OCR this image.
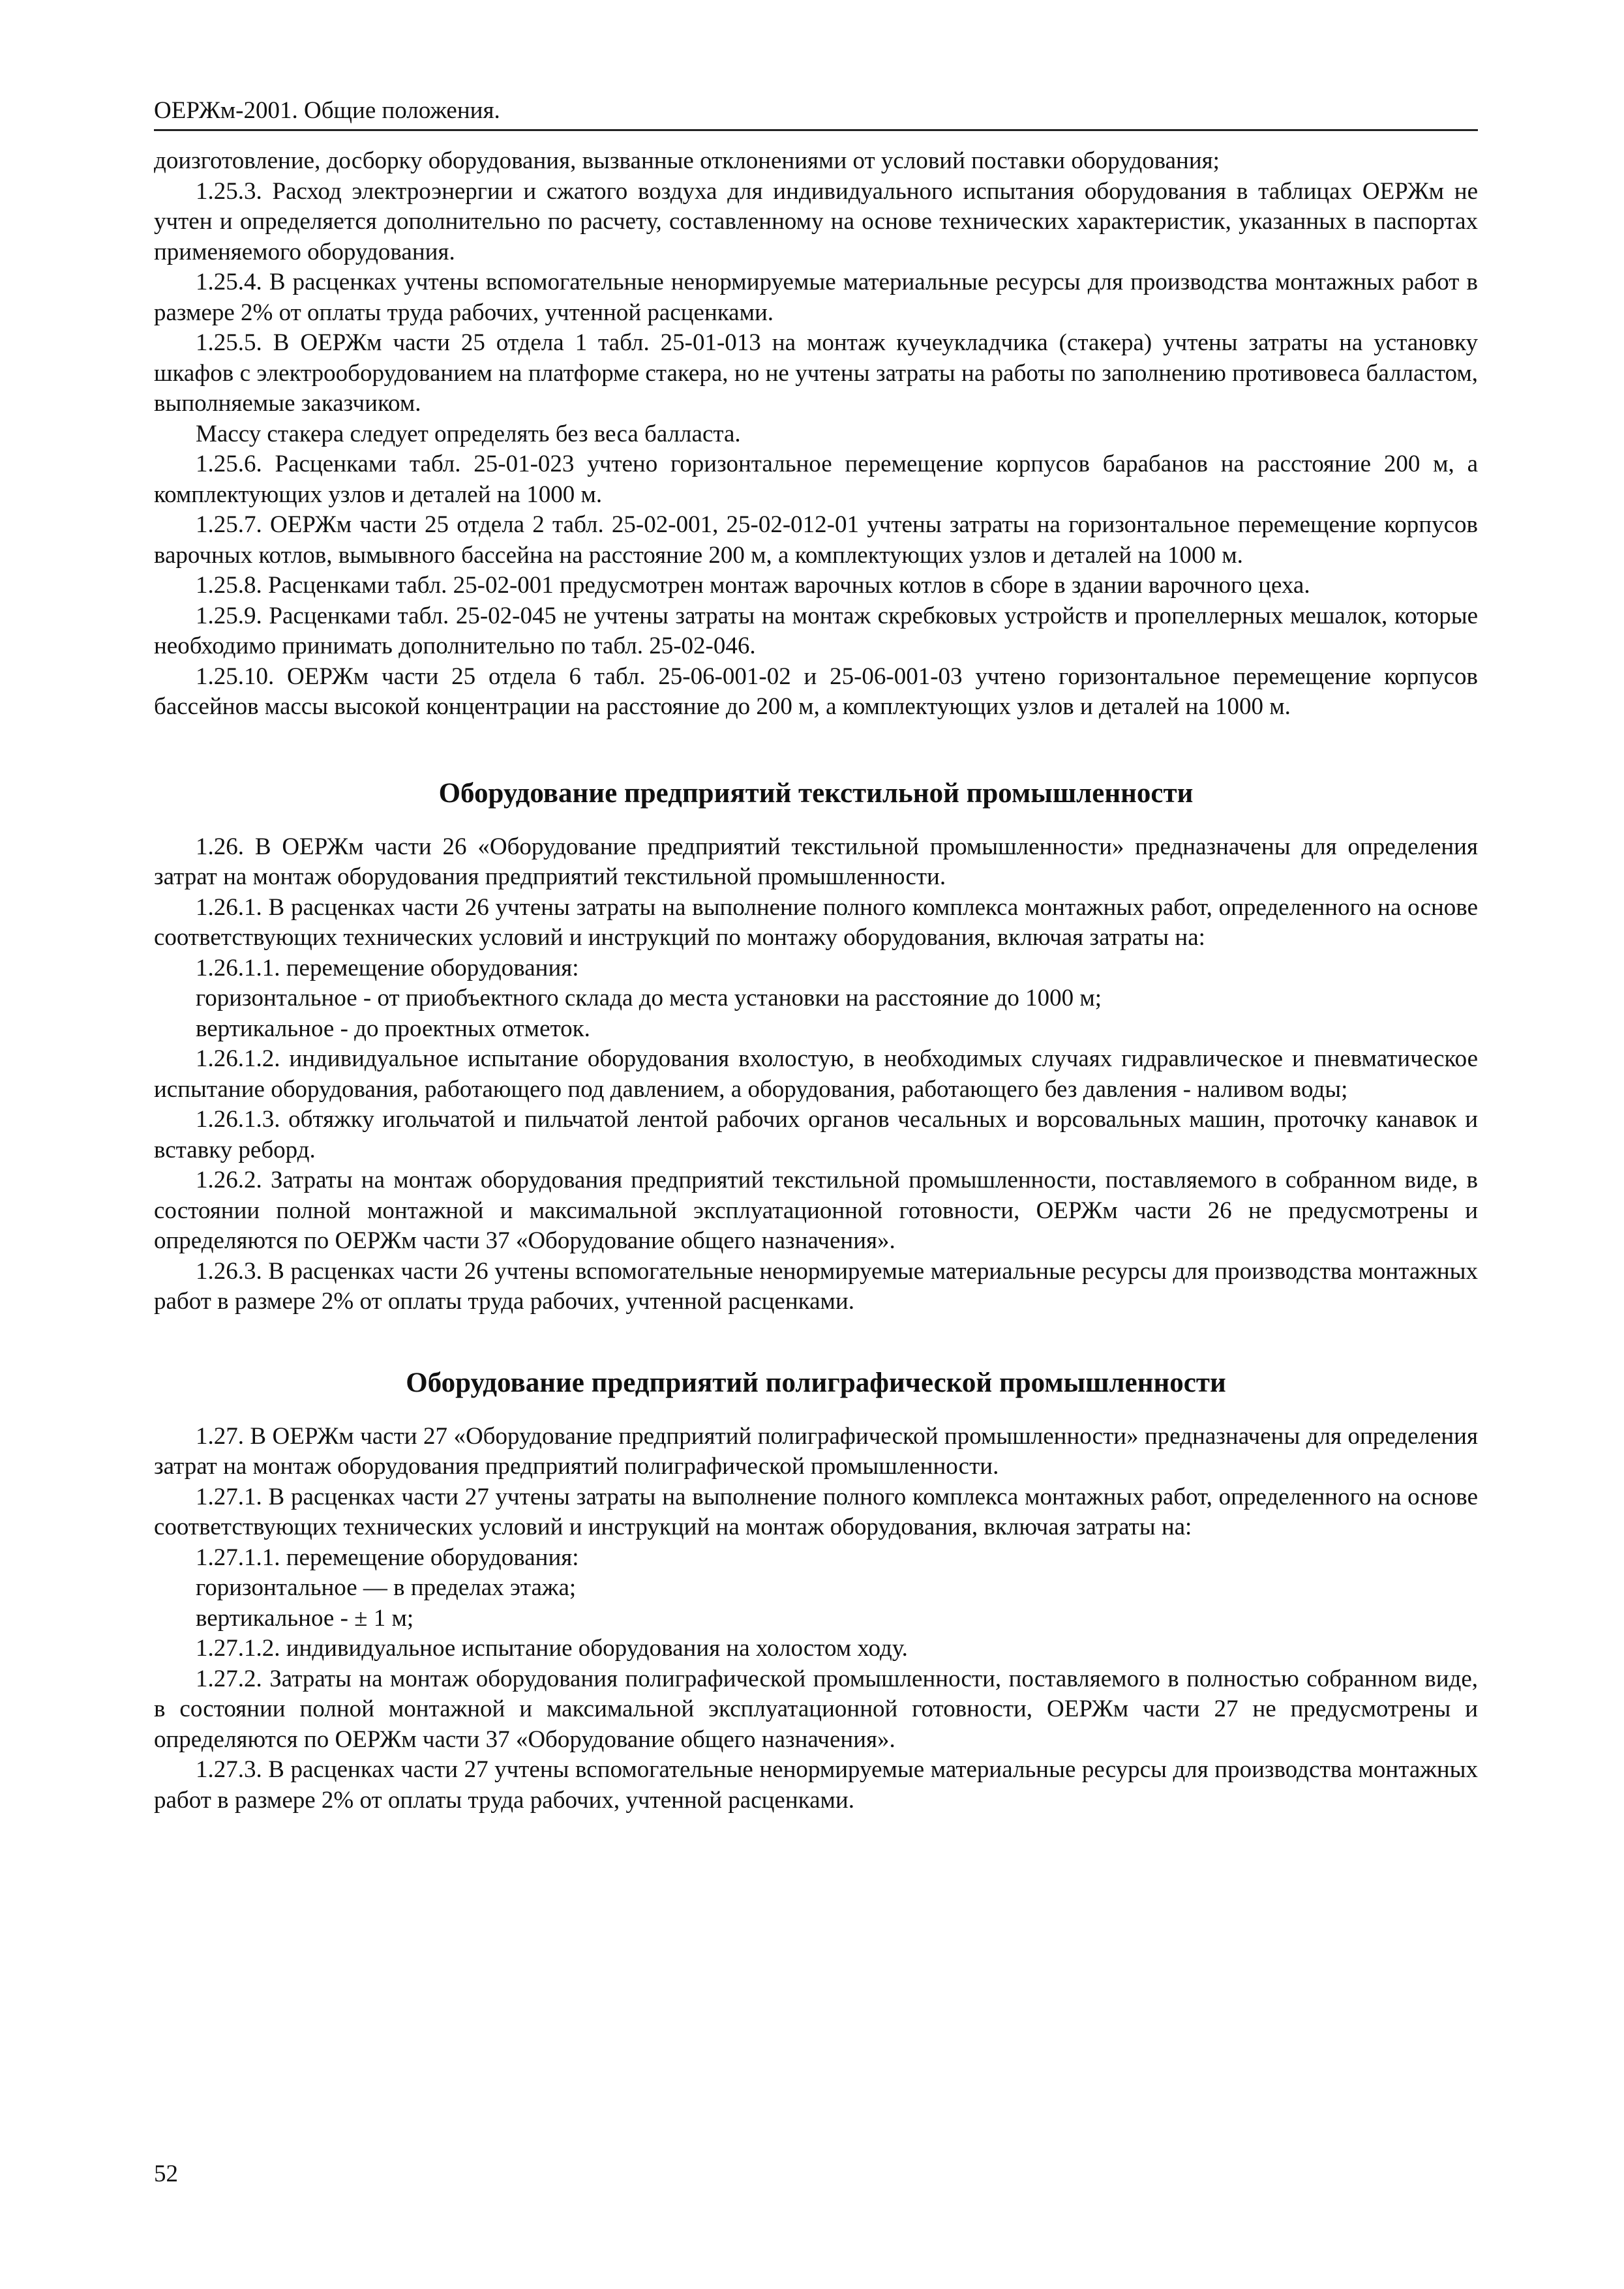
ОЕРЖм-2001. Общие положения.

доизготовление, досборку оборудования, вызванные отклонениями от условий поставки оборудования;

1.25.3. Расход электроэнергии и сжатого воздуха для индивидуального испытания оборудования в таблицах ОЕРЖм не учтен и определяется дополнительно по расчету, составленному на основе технических характеристик, указанных в паспортах применяемого оборудования.

1.25.4. В расценках учтены вспомогательные ненормируемые материальные ресурсы для производства монтажных работ в размере 2% от оплаты труда рабочих, учтенной расценками.

1.25.5. В ОЕРЖм части 25 отдела 1 табл. 25-01-013 на монтаж кучеукладчика (стакера) учтены затраты на установку шкафов с электрооборудованием на платформе стакера, но не учтены затраты на работы по заполнению противовеса балластом, выполняемые заказчиком.

Массу стакера следует определять без веса балласта.

1.25.6. Расценками табл. 25-01-023 учтено горизонтальное перемещение корпусов барабанов на расстояние 200 м, а комплектующих узлов и деталей на 1000 м.

1.25.7. ОЕРЖм части 25 отдела 2 табл. 25-02-001, 25-02-012-01 учтены затраты на горизонтальное перемещение корпусов варочных котлов, вымывного бассейна на расстояние 200 м, а комплектующих узлов и деталей на 1000 м.

1.25.8. Расценками табл. 25-02-001 предусмотрен монтаж варочных котлов в сборе в здании варочного цеха.

1.25.9. Расценками табл. 25-02-045 не учтены затраты на монтаж скребковых устройств и пропеллерных мешалок, которые необходимо принимать дополнительно по табл. 25-02-046.

1.25.10. ОЕРЖм части 25 отдела 6 табл. 25-06-001-02 и 25-06-001-03 учтено горизонтальное перемещение корпусов бассейнов массы высокой концентрации на расстояние до 200 м, а комплектующих узлов и деталей на 1000 м.

Оборудование предприятий текстильной промышленности

1.26. В ОЕРЖм части 26 «Оборудование предприятий текстильной промышленности» предназначены для определения затрат на монтаж оборудования предприятий текстильной промышленности.

1.26.1. В расценках части 26 учтены затраты на выполнение полного комплекса монтажных работ, определенного на основе соответствующих технических условий и инструкций по монтажу оборудования, включая затраты на:

1.26.1.1. перемещение оборудования:

горизонтальное - от приобъектного склада до места установки на расстояние до 1000 м;

вертикальное - до проектных отметок.

1.26.1.2. индивидуальное испытание оборудования вхолостую, в необходимых случаях гидравлическое и пневматическое испытание оборудования, работающего под давлением, а оборудования, работающего без давления - наливом воды;

1.26.1.3. обтяжку игольчатой и пильчатой лентой рабочих органов чесальных и ворсовальных машин, проточку канавок и вставку реборд.

1.26.2. Затраты на монтаж оборудования предприятий текстильной промышленности, поставляемого в собранном виде, в состоянии полной монтажной и максимальной эксплуатационной готовности, ОЕРЖм части 26 не предусмотрены и определяются по ОЕРЖм части 37 «Оборудование общего назначения».

1.26.3. В расценках части 26 учтены вспомогательные ненормируемые материальные ресурсы для производства монтажных работ в размере 2% от оплаты труда рабочих, учтенной расценками.

Оборудование предприятий полиграфической промышленности

1.27. В ОЕРЖм части 27 «Оборудование предприятий полиграфической промышленности» предназначены для определения затрат на монтаж оборудования предприятий полиграфической промышленности.

1.27.1. В расценках части 27 учтены затраты на выполнение полного комплекса монтажных работ, определенного на основе соответствующих технических условий и инструкций на монтаж оборудования, включая затраты на:

1.27.1.1. перемещение оборудования:

горизонтальное — в пределах этажа;

вертикальное - ± 1 м;

1.27.1.2. индивидуальное испытание оборудования на холостом ходу.

1.27.2. Затраты на монтаж оборудования полиграфической промышленности, поставляемого в полностью собранном виде, в состоянии полной монтажной и максимальной эксплуатационной готовности, ОЕРЖм части 27 не предусмотрены и определяются по ОЕРЖм части 37 «Оборудование общего назначения».

1.27.3. В расценках части 27 учтены вспомогательные ненормируемые материальные ресурсы для производства монтажных работ в размере 2% от оплаты труда рабочих, учтенной расценками.

52
